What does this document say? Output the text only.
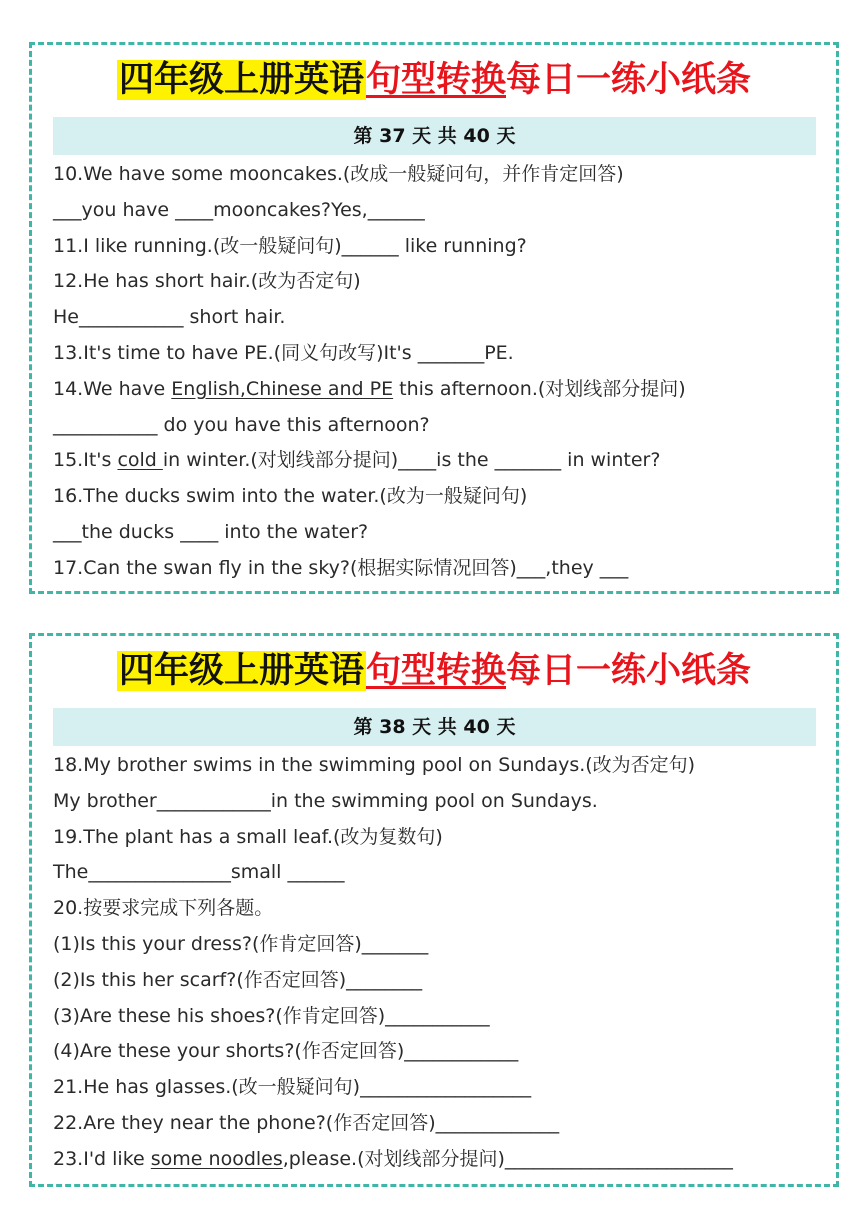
四年级上册英语句型转换每日一练小纸条
第 37 天 共 40 天
10.We have some mooncakes.(改成一般疑问句，并作肯定回答)
___you have ____mooncakes?Yes,______
11.I like running.(改一般疑问句)______ like running?
12.He has short hair.(改为否定句)
He___________ short hair.
13.It's time to have PE.(同义句改写)It's _______PE.
14.We have English,Chinese and PE this afternoon.(对划线部分提问)
___________ do you have this afternoon?
15.It's cold in winter.(对划线部分提问)____is the _______ in winter?
16.The ducks swim into the water.(改为一般疑问句)
___the ducks ____ into the water?
17.Can the swan fly in the sky?(根据实际情况回答)___,they ___
四年级上册英语句型转换每日一练小纸条
第 38 天 共 40 天
18.My brother swims in the swimming pool on Sundays.(改为否定句)
My brother____________in the swimming pool on Sundays.
19.The plant has a small leaf.(改为复数句)
The_______________small ______
20.按要求完成下列各题。
(1)Is this your dress?(作肯定回答)_______
(2)Is this her scarf?(作否定回答)________
(3)Are these his shoes?(作肯定回答)___________
(4)Are these your shorts?(作否定回答)____________
21.He has glasses.(改一般疑问句)__________________
22.Are they near the phone?(作否定回答)_____________
23.I'd like some noodles,please.(对划线部分提问)________________________
